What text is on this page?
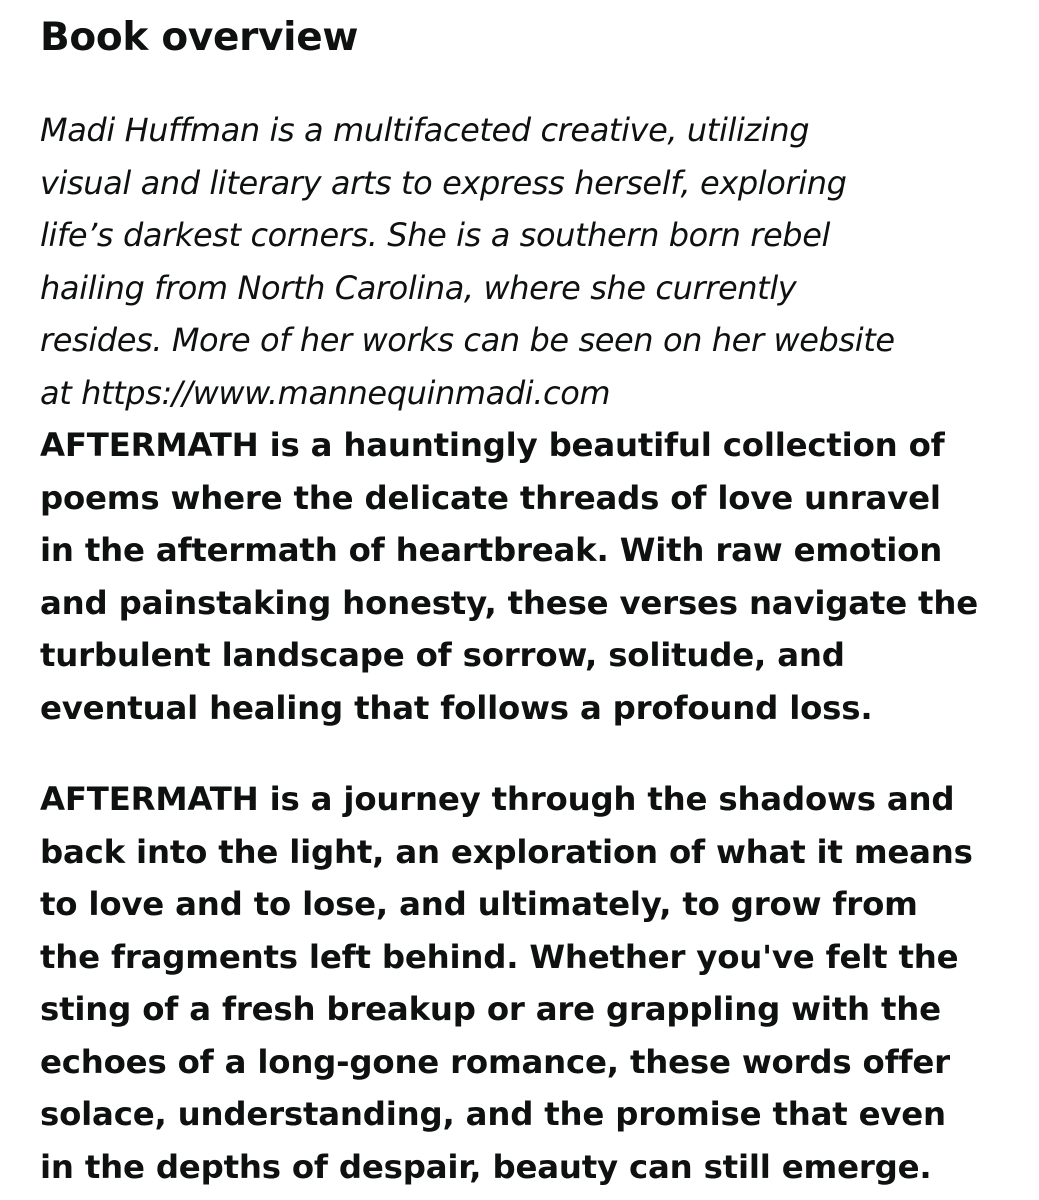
Book overview

Madi Huffman is a multifaceted creative, utilizing
visual and literary arts to express herself, exploring
life’s darkest corners. She is a southern born rebel
hailing from North Carolina, where she currently
resides. More of her works can be seen on her website
at https://www.mannequinmadi.com

AFTERMATH is a hauntingly beautiful collection of
poems where the delicate threads of love unravel
in the aftermath of heartbreak. With raw emotion
and painstaking honesty, these verses navigate the
turbulent landscape of sorrow, solitude, and
eventual healing that follows a profound loss.

AFTERMATH is a journey through the shadows and
back into the light, an exploration of what it means
to love and to lose, and ultimately, to grow from
the fragments left behind. Whether you've felt the
sting of a fresh breakup or are grappling with the
echoes of a long-gone romance, these words offer
solace, understanding, and the promise that even
in the depths of despair, beauty can still emerge.
